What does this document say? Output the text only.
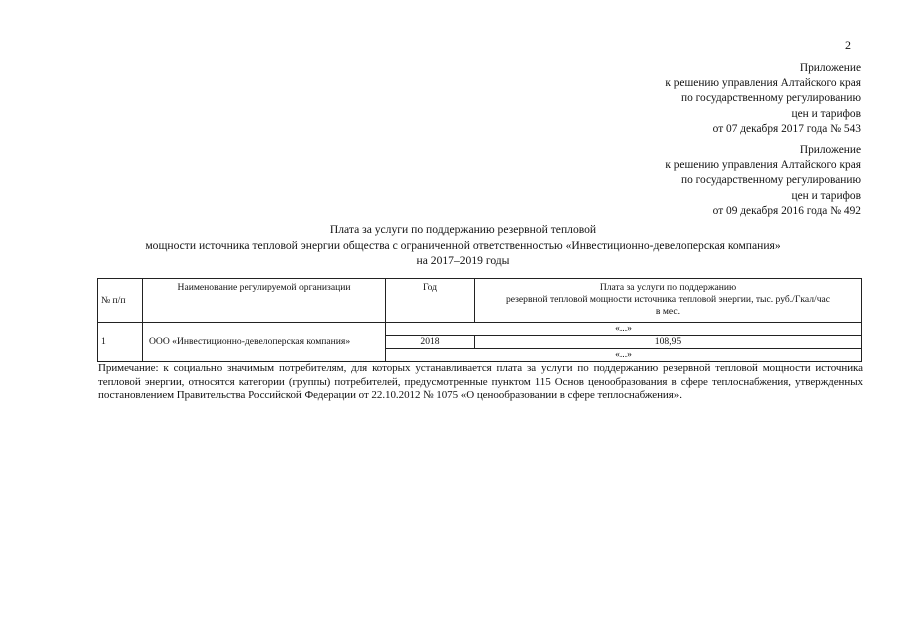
2
Приложение
к решению управления Алтайского края
по государственному регулированию
цен и тарифов
от 07 декабря 2017 года № 543
Приложение
к решению управления Алтайского края
по государственному регулированию
цен и тарифов
от 09 декабря 2016 года № 492
Плата за услуги по поддержанию резервной тепловой
мощности источника тепловой энергии общества с ограниченной ответственностью «Инвестиционно-девелоперская компания»
на 2017–2019 годы
№ п/п	Наименование регулируемой организации	Год	Плата за услуги по поддержанию
резервной тепловой мощности источника тепловой энергии, тыс. руб./Гкал/час
в мес.

1	ООО «Инвестиционно-девелоперская компания»	«...»	
		2018	108,95
		«...»	
Примечание: к социально значимым потребителям, для которых устанавливается плата за услуги по поддержанию резервной тепловой мощности источника тепловой энергии, относятся категории (группы) потребителей, предусмотренные пунктом 115 Основ ценообразования в сфере теплоснабжения, утвержденных постановлением Правительства Российской Федерации от 22.10.2012 № 1075 «О ценообразовании в сфере теплоснабжения».
